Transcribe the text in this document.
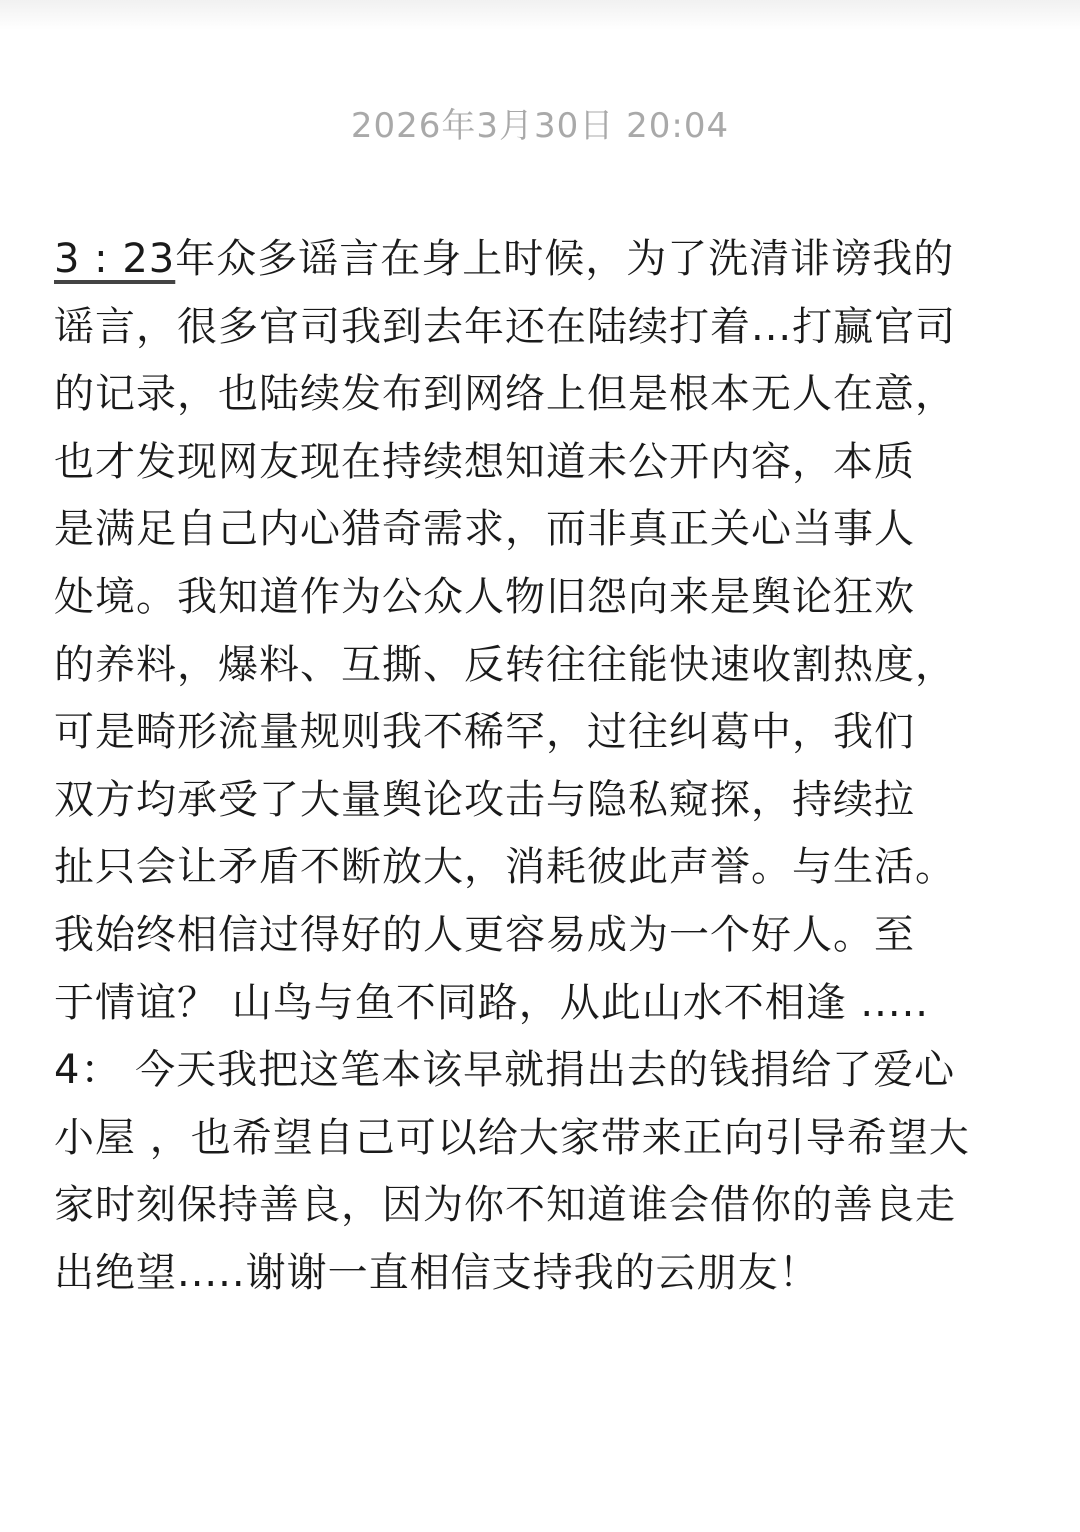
2026年3月30日 20:04
3 : 23年众多谣言在身上时候，为了洗清诽谤我的
谣言，很多官司我到去年还在陆续打着...打赢官司
的记录，也陆续发布到网络上但是根本无人在意，
也才发现网友现在持续想知道未公开内容，本质
是满足自己内心猎奇需求，而非真正关心当事人
处境。我知道作为公众人物旧怨向来是舆论狂欢
的养料，爆料、互撕、反转往往能快速收割热度，
可是畸形流量规则我不稀罕，过往纠葛中，我们
双方均承受了大量舆论攻击与隐私窥探，持续拉
扯只会让矛盾不断放大，消耗彼此声誉。与生活。
我始终相信过得好的人更容易成为一个好人。至
于情谊？ 山鸟与鱼不同路，从此山水不相逢 .....
4： 今天我把这笔本该早就捐出去的钱捐给了爱心
小屋 ，也希望自己可以给大家带来正向引导希望大
家时刻保持善良，因为你不知道谁会借你的善良走
出绝望.....谢谢一直相信支持我的云朋友！
